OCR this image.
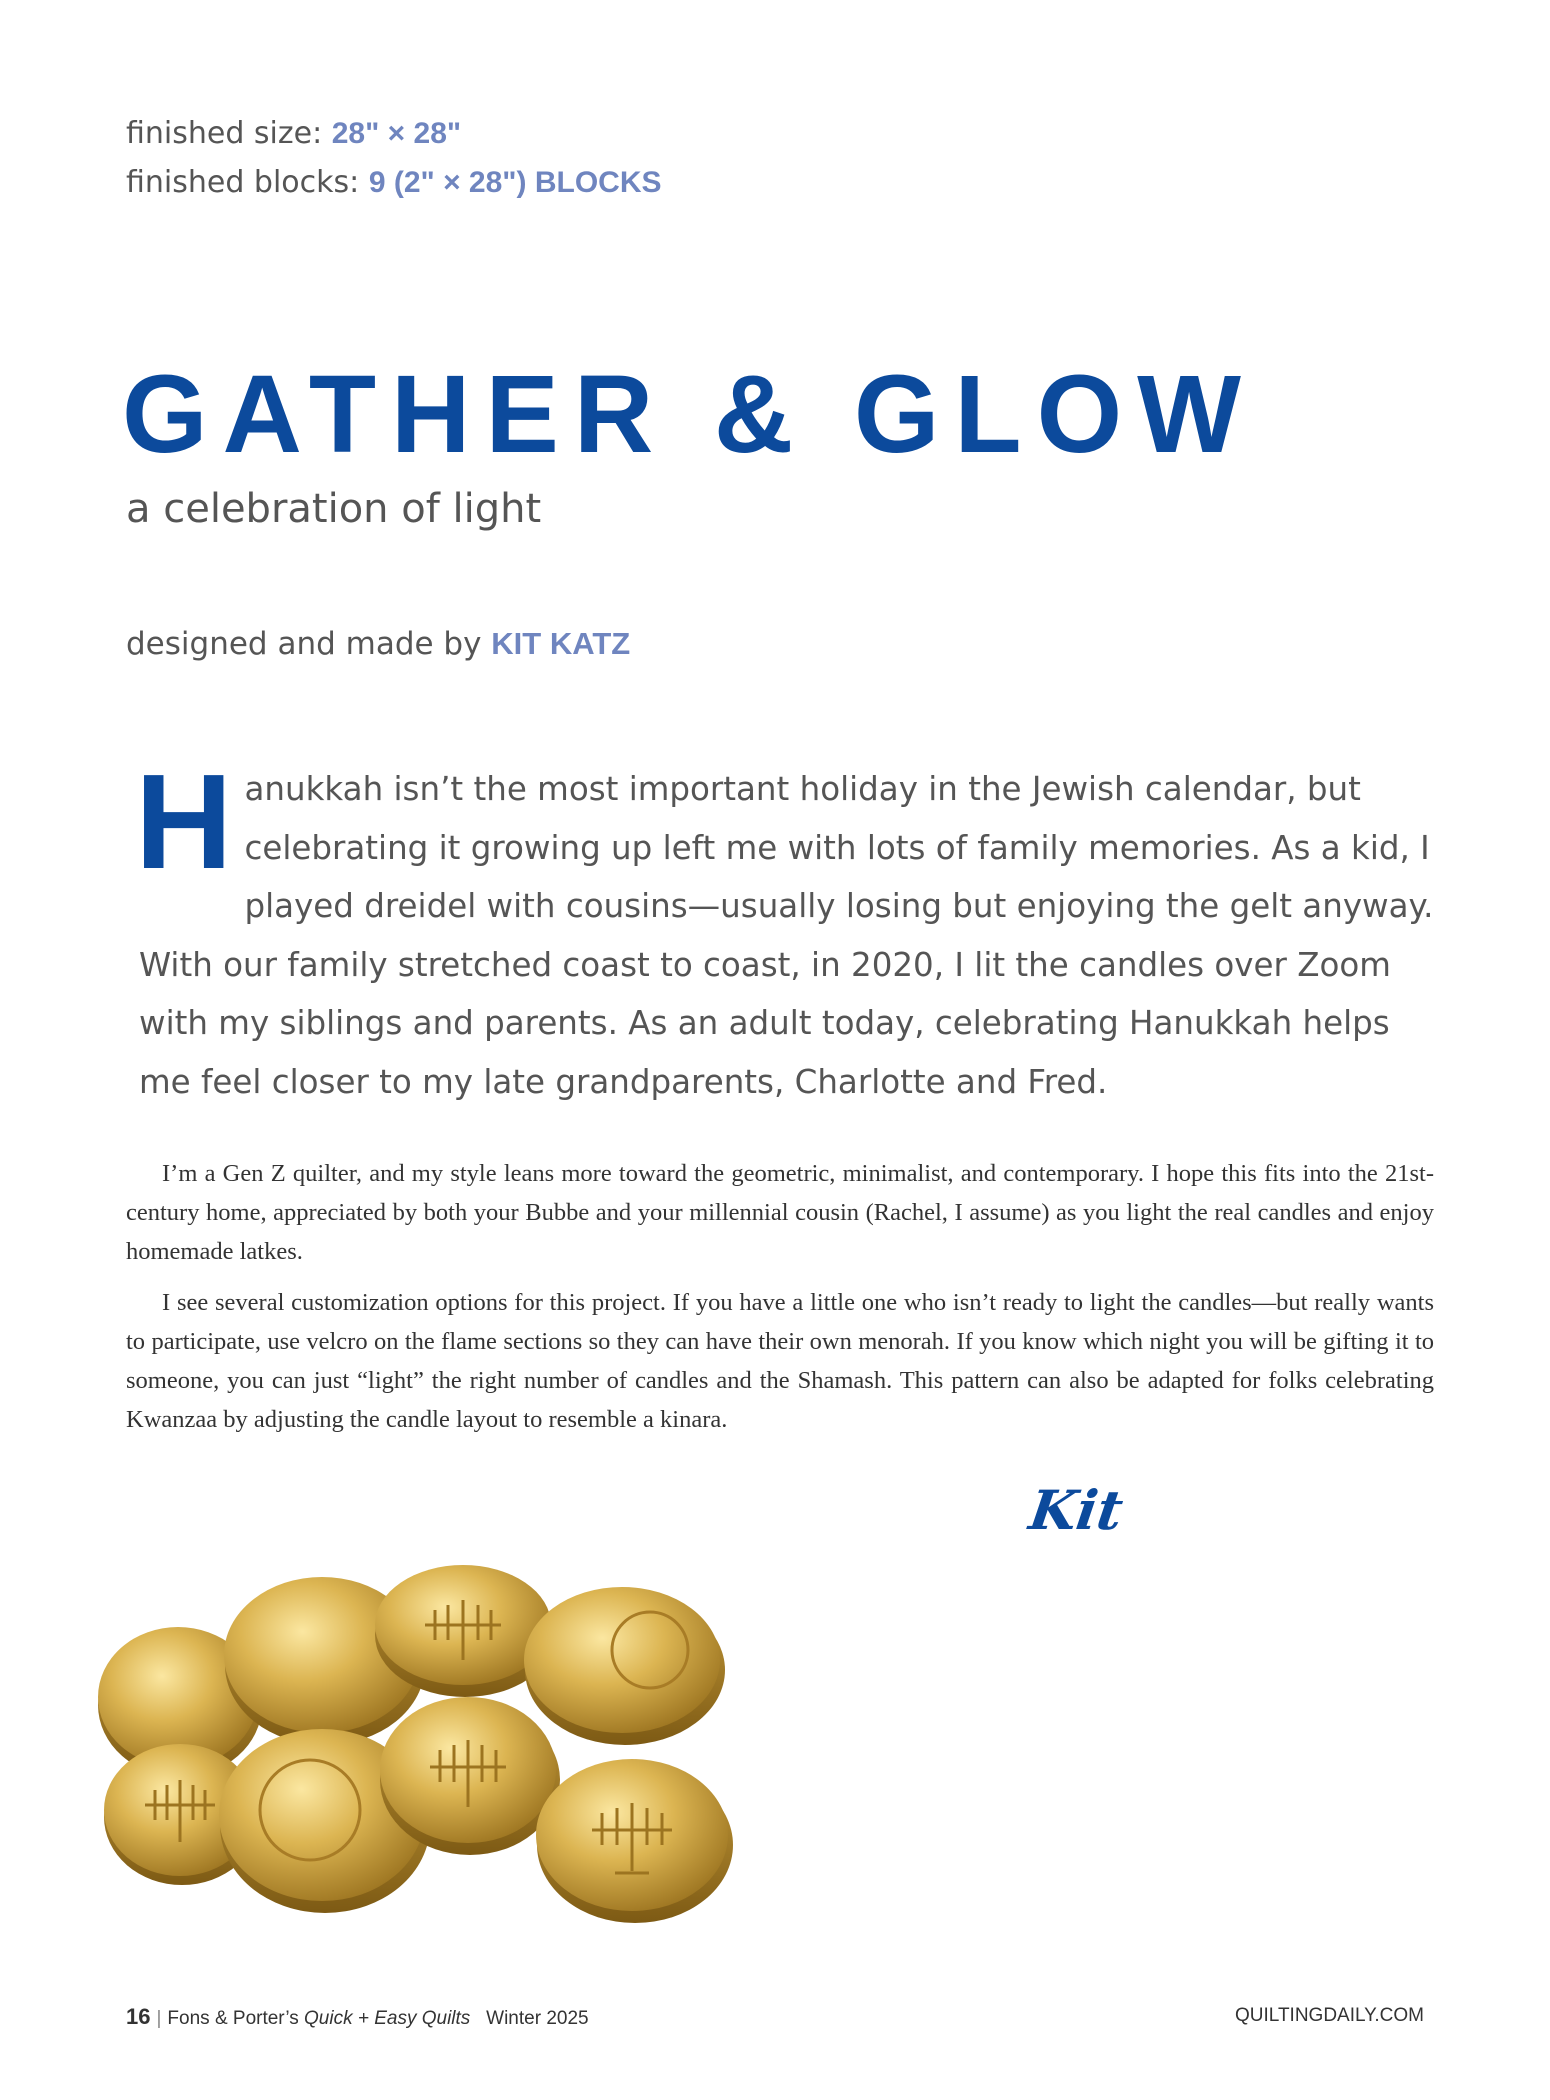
finished size: 28" × 28"
finished blocks: 9 (2" × 28") BLOCKS
GATHER & GLOW
a celebration of light
designed and made by KIT KATZ

Hanukkah isn’t the most important holiday in the Jewish calendar, but celebrating it growing up left me with lots of family memories. As a kid, I played dreidel with cousins—usually losing but enjoying the gelt anyway. With our family stretched coast to coast, in 2020, I lit the candles over Zoom with my siblings and parents. As an adult today, celebrating Hanukkah helps me feel closer to my late grandparents, Charlotte and Fred.

I’m a Gen Z quilter, and my style leans more toward the geometric, minimalist, and contemporary. I hope this fits into the 21st-century home, appreciated by both your Bubbe and your millennial cousin (Rachel, I assume) as you light the real candles and enjoy homemade latkes.

I see several customization options for this project. If you have a little one who isn’t ready to light the candles—but really wants to participate, use velcro on the flame sections so they can have their own menorah. If you know which night you will be gifting it to someone, you can just “light” the right number of candles and the Shamash. This pattern can also be adapted for folks celebrating Kwanzaa by adjusting the candle layout to resemble a kinara.

Kit
16 | Fons & Porter’s Quick + Easy Quilts Winter 2025	QUILTINGDAILY.COM
